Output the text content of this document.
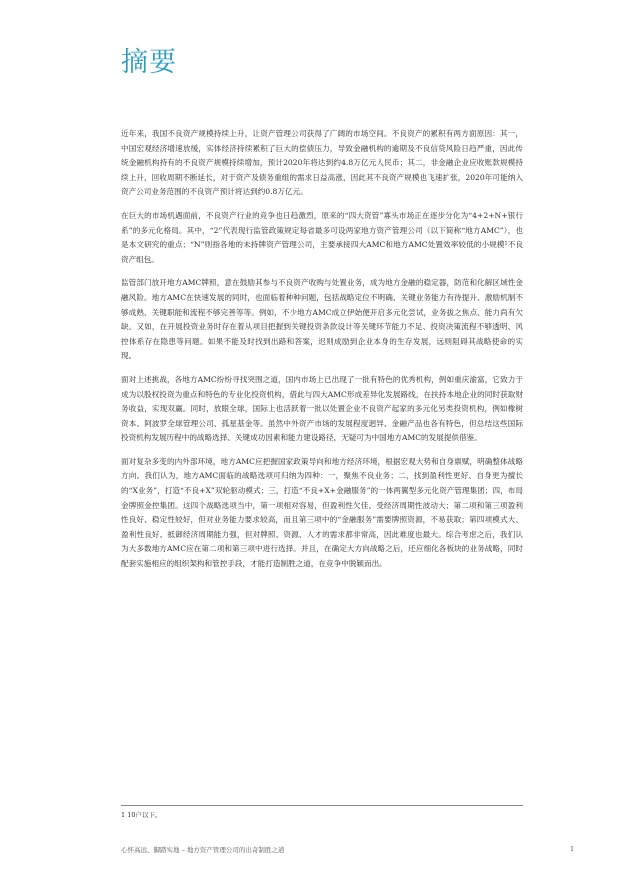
摘要

近年来，我国不良资产规模持续上升，让资产管理公司获得了广阔的市场空间。不良资产的累积有两方面原因：其一，中国宏观经济增速放缓，实体经济持续累积了巨大的偿债压力，导致金融机构的逾期及不良信贷风险日趋严重，因此传统金融机构持有的不良资产规模持续增加，预计2020年将达到约4.8万亿元人民币；其二，非金融企业应收账款规模持续上升，回收周期不断延长，对于资产及债务重组的需求日益高涨，因此其不良资产规模也飞速扩张，2020年可能纳入资产公司业务范围的不良资产预计将达到约0.8万亿元。

在巨大的市场机遇面前，不良资产行业的竞争也日趋激烈，原来的“四大资管”寡头市场正在逐步分化为“4+2+N+银行系”的多元化格局。其中，“2”代表现行监管政策规定每省最多可设两家地方资产管理公司（以下简称“地方AMC”），也是本文研究的重点；“N”则指各地的未持牌资产管理公司，主要承接四大AMC和地方AMC处置效率较低的小规模¹不良资产组包。

监管部门放开地方AMC牌照，意在鼓励其参与不良资产收购与处置业务，成为地方金融的稳定器，防范和化解区域性金融风险。地方AMC在快速发展的同时，也面临着种种问题，包括战略定位不明确、关键业务能力有待提升、激励机制不够成熟、关键职能和流程不够完善等等。例如，不少地方AMC成立伊始便开启多元化尝试，业务拔之焦点、能力尚有欠缺。又如，在开展投资业务时存在着从项目把握到关键投资条款设计等关键环节能力不足、投资决策流程不够透明、风控体系存在隐患等问题。如果不能及时找到出路和答案，迟则成励到企业本身的生存发展，远则阻碍其战略使命的实现。

面对上述挑战，各地方AMC纷纷寻找突围之道，国内市场上已出现了一批有特色的优秀机构，例如重庆渝富，它致力于成为以股权投资为重点和特色的专业化投资机构，借此与四大AMC形成差异化发展路线，在扶持本地企业的同时获取财务收益，实现双赢。同时，放眼全球，国际上也活跃着一批以处置企业不良资产起家的多元化另类投资机构，例如橡树资本、阿波罗全球管理公司、孤星基金等。虽然中外资产市场的发展程度迥异、金融产品也各有特色，但总结这些国际投资机构发展历程中的战略选择、关键成功因素和能力建设路径，无疑可为中国地方AMC的发展提供借鉴。

面对复杂多变的内外部环境，地方AMC应把握国家政策导向和地方经济环境，根据宏观大势和自身禀赋，明确整体战略方向。我们认为，地方AMC面临的战略选项可归纳为四种：一，聚焦不良业务；二，找到盈利性更好、自身更为擅长的“X业务”，打造“不良+X”双轮驱动模式；三，打造“不良+X+金融服务”的一体两翼型多元化资产管理集团；四，布局金牌照金控集团。这四个战略选项当中，第一项相对容易，但盈利性欠佳、受经济周期性波动大；第二项和第三项盈利性良好、稳定性较好，但对业务能力要求较高，而且第三项中的“金融服务”需要牌照资源，不易获取；第四项模式大、盈利性良好、抵御经济周期能力强，但对牌照、资源、人才的需求都非常高，因此难度也最大。综合考虑之后，我们认为大多数地方AMC应在第二项和第三项中进行选择。并且，在确定大方向战略之后，还应细化各板块的业务战略，同时配套实施相应的组织架构和管控手段，才能打造制胜之道，在竞争中脱颖而出。

1 10户以下。
心怀高远、脚踏实地 – 地方资产管理公司的出奇制胜之道	1
